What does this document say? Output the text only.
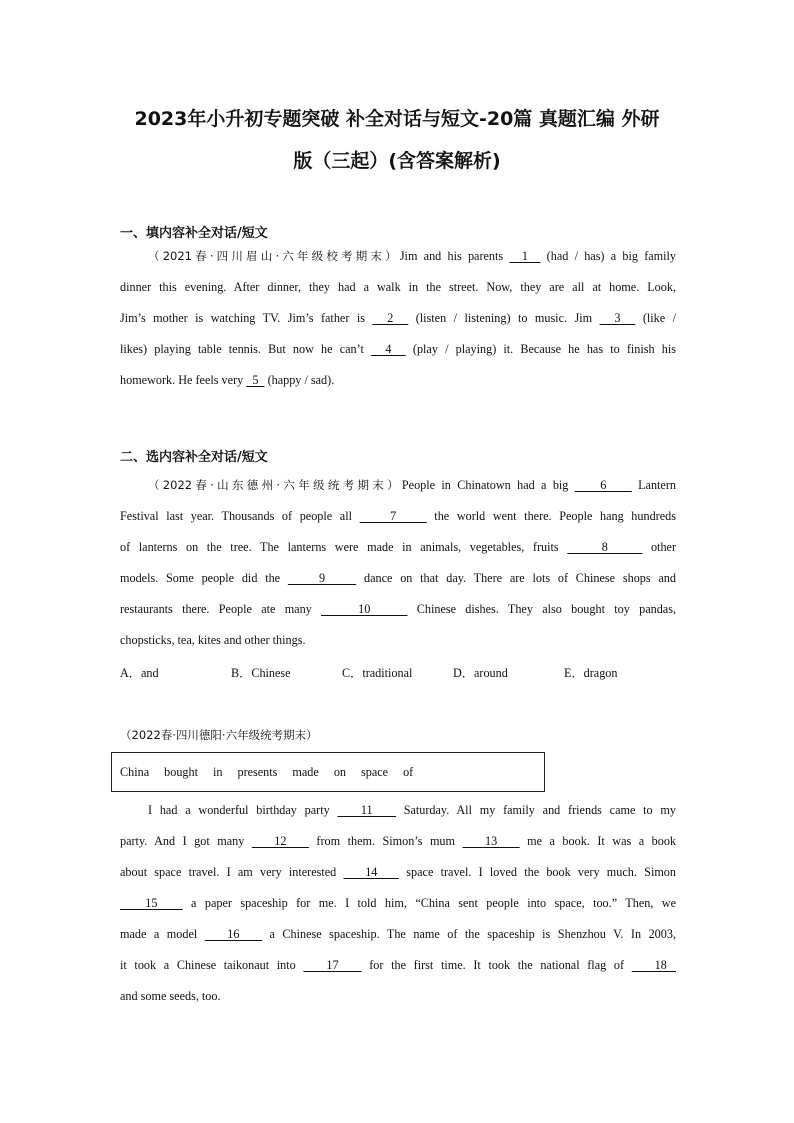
2023年小升初专题突破 补全对话与短文-20篇 真题汇编 外研
版（三起）(含答案解析)
一、填内容补全对话/短文
（2021春·四川眉山·六年级校考期末）Jim and his parents   1   (had / has) a big family
dinner this evening. After dinner, they had a walk in the street. Now, they are all at home. Look,
Jim’s mother is watching TV. Jim’s father is   2   (listen / listening) to music. Jim   3   (like /
likes) playing table tennis. But now he can’t   4   (play / playing) it. Because he has to finish his
homework. He feels very   5   (happy / sad).
二、选内容补全对话/短文
（2022春·山东德州·六年级统考期末）People in Chinatown had a big     6     Lantern
Festival last year. Thousands of people all     7     the world went there. People hang hundreds
of lanterns on the tree. The lanterns were made in animals, vegetables, fruits     8     other
models. Some people did the     9     dance on that day. There are lots of Chinese shops and
restaurants there. People ate many     10     Chinese dishes. They also bought toy pandas,
chopsticks, tea, kites and other things.
A．and	B．Chinese	C．traditional	D．around	E．dragon

（2022春·四川德阳·六年级统考期末）

China bought in presents made on space of
I had a wonderful birthday party    11    Saturday. All my family and friends came to my
party. And I got many    12    from them. Simon’s mum    13    me a book. It was a book
about space travel. I am very interested    14    space travel. I loved the book very much. Simon
15    a paper spaceship for me. I told him, “China sent people into space, too.” Then, we
made a model    16    a Chinese spaceship. The name of the spaceship is Shenzhou V. In 2003,
it took a Chinese taikonaut into    17    for the first time. It took the national flag of    18
and some seeds, too.
